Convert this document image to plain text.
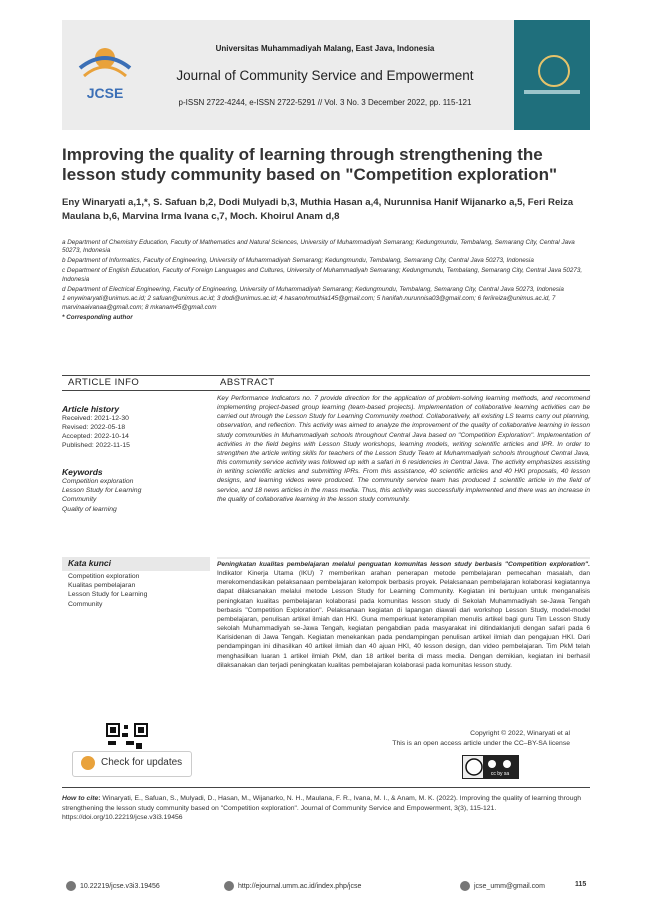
JCSE
Universitas Muhammadiyah Malang, East Java, Indonesia
Journal of Community Service and Empowerment
p-ISSN 2722-4244, e-ISSN 2722-5291 // Vol. 3 No. 3 December 2022, pp. 115-121
Improving the quality of learning through strengthening the lesson study community based on "Competition exploration"
Eny Winaryati a,1,*, S. Safuan b,2, Dodi Mulyadi b,3, Muthia Hasan a,4, Nurunnisa Hanif Wijanarko a,5, Feri Reiza Maulana b,6, Marvina Irma Ivana c,7, Moch. Khoirul Anam d,8

a Department of Chemistry Education, Faculty of Mathematics and Natural Sciences, University of Muhammadiyah Semarang; Kedungmundu, Tembalang, Semarang City, Central Java 50273, Indonesia

b Department of Informatics, Faculty of Engineering, University of Muhammadiyah Semarang; Kedungmundu, Tembalang, Semarang City, Central Java 50273, Indonesia

c Department of English Education, Faculty of Foreign Languages and Cultures, University of Muhammadiyah Semarang; Kedungmundu, Tembalang, Semarang City, Central Java 50273, Indonesia

d Department of Electrical Engineering, Faculty of Engineering, University of Muhammadiyah Semarang; Kedungmundu, Tembalang, Semarang City, Central Java 50273, Indonesia

1 enywinaryati@unimus.ac.id; 2 safuan@unimus.ac.id; 3 dodi@unimus.ac.id; 4 hasanohmuthia145@gmail.com; 5 hanifah.nurunnisa03@gmail.com; 6 feriireiza@unimus.ac.id, 7 marvinaaivanaa@gmail.com; 8 mkanam45@gmail.com

* Corresponding author

ARTICLE INFO	ABSTRACT

Article history

Received: 2021-12-30
Revised: 2022-05-18
Accepted: 2022-10-14
Published: 2022-11-15

Keywords

Competition exploration
Lesson Study for Learning
Community
Quality of learning

Kata kunci

Competition exploration
Kualitas pembelajaran
Lesson Study for Learning
Community
Key Performance Indicators no. 7 provide direction for the application of problem-solving learning methods, and recommend implementing project-based group learning (team-based projects). Implementation of collaborative learning activities can be carried out through the Lesson Study for Learning Community method. Collaboratively, all existing LS teams carry out planning, observation, and reflection. This activity was aimed to analyze the improvement of the quality of collaborative learning in lesson study communities in Muhammadiyah schools throughout Central Java based on "Competition Exploration". Implementation of activities in the field begins with Lesson Study workshops, learning models, writing scientific articles and IPR. In order to strengthen the article writing skills for teachers of the Lesson Study Team at Muhammadiyah schools throughout Central Java, this community service activity was followed up with a safari in 6 residencies in Central Java. The activity emphasizes assisting in writing scientific articles and submitting IPRs. From this assistance, 40 scientific articles and 40 HKI proposals, 40 lesson designs, and learning videos were produced. The community service team has produced 1 scientific article in the field of service, and 18 news articles in the mass media. Thus, this activity was successfully implemented and there was an increase in the quality of collaborative learning in the lesson study community.
Peningkatan kualitas pembelajaran melalui penguatan komunitas lesson study berbasis "Competition exploration". Indikator Kinerja Utama (IKU) 7 memberikan arahan penerapan metode pembelajaran pemecahan masalah, dan merekomendasikan pelaksanaan pembelajaran kelompok berbasis proyek. Pelaksanaan pembelajaran kolaborasi kegiatannya dapat dilaksanakan melalui metode Lesson Study for Learning Community. Kegiatan ini bertujuan untuk menganalisis peningkatan kualitas pembelajaran kolaborasi pada komunitas lesson study di Sekolah Muhammadiyah se-Jawa Tengah berbasis "Competition Exploration". Pelaksanaan kegiatan di lapangan diawali dari workshop Lesson Study, model-model pembelajaran, penulisan artikel ilmiah dan HKI. Guna memperkuat keterampilan menulis artikel bagi guru Tim Lesson Study sekolah Muhammadiyah se-Jawa Tengah, kegiatan pengabdian pada masyarakat ini ditindaklanjuti dengan safari pada 6 Karisidenan di Jawa Tengah. Kegiatan menekankan pada pendampingan penulisan artikel ilmiah dan pengajuan HKI. Dari pendampingan ini dihasilkan 40 artikel ilmiah dan 40 ajuan HKI, 40 lesson design, dan video pembelajaran. Tim PkM telah menghasilkan luaran 1 artikel ilmiah PkM, dan 18 artikel berita di mass media. Dengan demikian, kegiatan ini berhasil dilaksanakan dan terjadi peningkatan kualitas pembelajaran kolaborasi pada komunitas lesson study.
Check for updates
Copyright © 2022, Winaryati et al
This is an open access article under the CC–BY-SA license
cc by sa
How to cite: Winaryati, E., Safuan, S., Mulyadi, D., Hasan, M., Wijanarko, N. H., Maulana, F. R., Ivana, M. I., & Anam, M. K. (2022). Improving the quality of learning through strengthening the lesson study community based on "Competition exploration". Journal of Community Service and Empowerment, 3(3), 115-121. https://doi.org/10.22219/jcse.v3i3.19456
10.22219/jcse.v3i3.19456	http://ejournal.umm.ac.id/index.php/jcse	jcse_umm@gmail.com	115
